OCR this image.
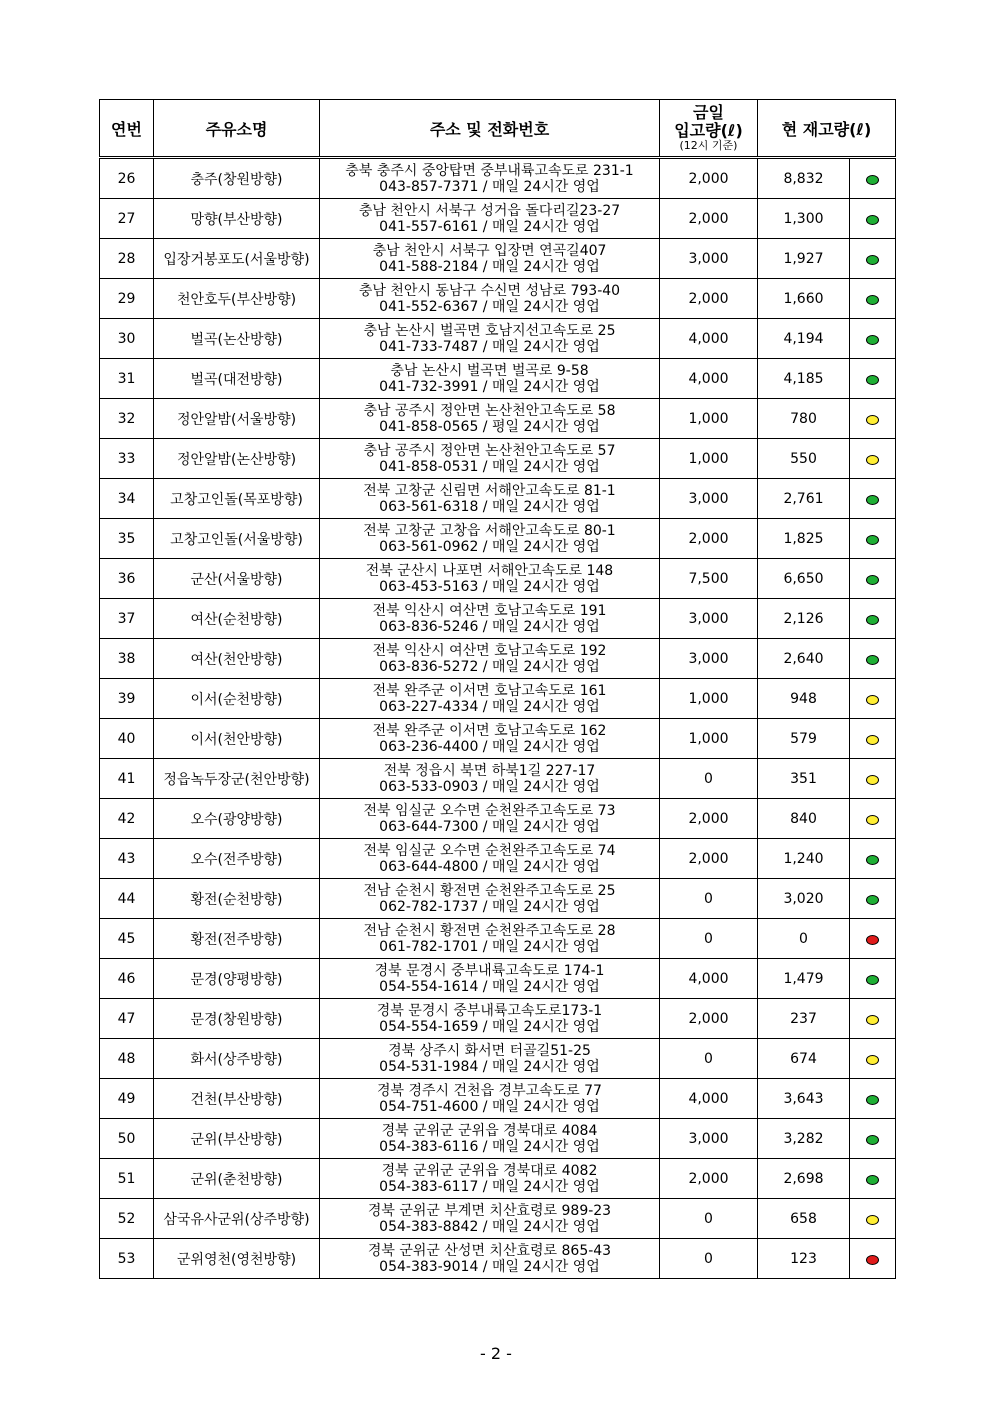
연번	주유소명	주소 및 전화번호	금일
입고량(ℓ)
(12시 기준)	현 재고량(ℓ)	
26	충주(창원방향)	충북 충주시 중앙탑면 중부내륙고속도로 231-1
043-857-7371 / 매일 24시간 영업	2,000	8,832	
27	망향(부산방향)	충남 천안시 서북구 성거읍 돌다리길23-27
041-557-6161 / 매일 24시간 영업	2,000	1,300	
28	입장거봉포도(서울방향)	충남 천안시 서북구 입장면 연곡길407
041-588-2184 / 매일 24시간 영업	3,000	1,927	
29	천안호두(부산방향)	충남 천안시 동남구 수신면 성남로 793-40
041-552-6367 / 매일 24시간 영업	2,000	1,660	
30	벌곡(논산방향)	충남 논산시 벌곡면 호남지선고속도로 25
041-733-7487 / 매일 24시간 영업	4,000	4,194	
31	벌곡(대전방향)	충남 논산시 벌곡면 벌곡로 9-58
041-732-3991 / 매일 24시간 영업	4,000	4,185	
32	정안알밤(서울방향)	충남 공주시 정안면 논산천안고속도로 58
041-858-0565 / 평일 24시간 영업	1,000	780	
33	정안알밤(논산방향)	충남 공주시 정안면 논산천안고속도로 57
041-858-0531 / 매일 24시간 영업	1,000	550	
34	고창고인돌(목포방향)	전북 고창군 신림면 서해안고속도로 81-1
063-561-6318 / 매일 24시간 영업	3,000	2,761	
35	고창고인돌(서울방향)	전북 고창군 고창읍 서해안고속도로 80-1
063-561-0962 / 매일 24시간 영업	2,000	1,825	
36	군산(서울방향)	전북 군산시 나포면 서해안고속도로 148
063-453-5163 / 매일 24시간 영업	7,500	6,650	
37	여산(순천방향)	전북 익산시 여산면 호남고속도로 191
063-836-5246 / 매일 24시간 영업	3,000	2,126	
38	여산(천안방향)	전북 익산시 여산면 호남고속도로 192
063-836-5272 / 매일 24시간 영업	3,000	2,640	
39	이서(순천방향)	전북 완주군 이서면 호남고속도로 161
063-227-4334 / 매일 24시간 영업	1,000	948	
40	이서(천안방향)	전북 완주군 이서면 호남고속도로 162
063-236-4400 / 매일 24시간 영업	1,000	579	
41	정읍녹두장군(천안방향)	전북 정읍시 북면 하북1길 227-17
063-533-0903 / 매일 24시간 영업	0	351	
42	오수(광양방향)	전북 임실군 오수면 순천완주고속도로 73
063-644-7300 / 매일 24시간 영업	2,000	840	
43	오수(전주방향)	전북 임실군 오수면 순천완주고속도로 74
063-644-4800 / 매일 24시간 영업	2,000	1,240	
44	황전(순천방향)	전남 순천시 황전면 순천완주고속도로 25
062-782-1737 / 매일 24시간 영업	0	3,020	
45	황전(전주방향)	전남 순천시 황전면 순천완주고속도로 28
061-782-1701 / 매일 24시간 영업	0	0	
46	문경(양평방향)	경북 문경시 중부내륙고속도로 174-1
054-554-1614 / 매일 24시간 영업	4,000	1,479	
47	문경(창원방향)	경북 문경시 중부내륙고속도로173-1
054-554-1659 / 매일 24시간 영업	2,000	237	
48	화서(상주방향)	경북 상주시 화서면 터골길51-25
054-531-1984 / 매일 24시간 영업	0	674	
49	건천(부산방향)	경북 경주시 건천읍 경부고속도로 77
054-751-4600 / 매일 24시간 영업	4,000	3,643	
50	군위(부산방향)	경북 군위군 군위읍 경북대로 4084
054-383-6116 / 매일 24시간 영업	3,000	3,282	
51	군위(춘천방향)	경북 군위군 군위읍 경북대로 4082
054-383-6117 / 매일 24시간 영업	2,000	2,698	
52	삼국유사군위(상주방향)	경북 군위군 부계면 치산효령로 989-23
054-383-8842 / 매일 24시간 영업	0	658	
53	군위영천(영천방향)	경북 군위군 산성면 치산효령로 865-43
054-383-9014 / 매일 24시간 영업	0	123	
- 2 -
